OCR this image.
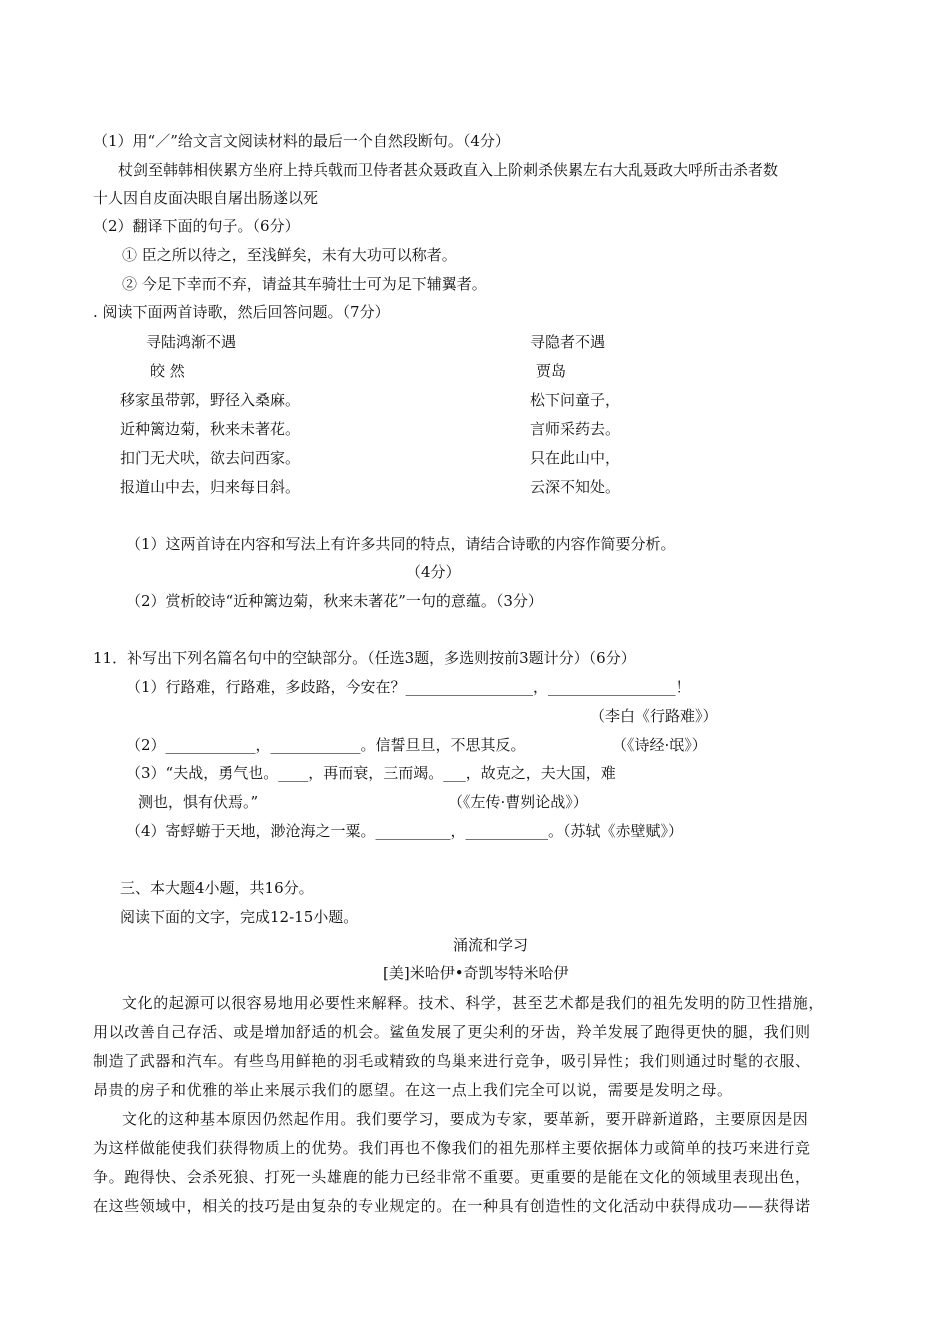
（1）用“／”给文言文阅读材料的最后一个自然段断句。（4分）
杖剑至韩韩相侠累方坐府上持兵戟而卫侍者甚众聂政直入上阶刺杀侠累左右大乱聂政大呼所击杀者数
十人因自皮面决眼自屠出肠遂以死
（2）翻译下面的句子。（6分）
① 臣之所以待之，至浅鲜矣，未有大功可以称者。
② 今足下幸而不弃，请益其车骑壮士可为足下辅翼者。
. 阅读下面两首诗歌，然后回答问题。（7分）
寻陆鸿渐不遇
皎 然
移家虽带郭，野径入桑麻。
近种篱边菊，秋来未著花。
扣门无犬吠，欲去问西家。
报道山中去，归来每日斜。
寻隐者不遇
贾岛
松下问童子，
言师采药去。
只在此山中，
云深不知处。
（1）这两首诗在内容和写法上有许多共同的特点，请结合诗歌的内容作简要分析。
（4分）
（2）赏析皎诗“近种篱边菊，秋来未著花”一句的意蕴。（3分）
11．补写出下列名篇名句中的空缺部分。（任选3题，多选则按前3题计分）（6分）
（1）行路难，行路难，多歧路，今安在？_________________，_________________！
（李白《行路难》）
（2）____________，____________。信誓旦旦，不思其反。	（《诗经·氓》）
（3）“夫战，勇气也。____，再而衰，三而竭。___，故克之，夫大国，难
测也，惧有伏焉。”	（《左传·曹刿论战》）
（4）寄蜉蝣于天地，渺沧海之一粟。__________，___________。（苏轼《赤壁赋》）
三、本大题4小题，共16分。
阅读下面的文字，完成12-15小题。
涌流和学习
[美]米哈伊•奇凯岑特米哈伊
文化的起源可以很容易地用必要性来解释。技术、科学，甚至艺术都是我们的祖先发明的防卫性措施，
用以改善自己存活、或是增加舒适的机会。鲨鱼发展了更尖利的牙齿，羚羊发展了跑得更快的腿，我们则
制造了武器和汽车。有些鸟用鲜艳的羽毛或精致的鸟巢来进行竞争，吸引异性；我们则通过时髦的衣服、
昂贵的房子和优雅的举止来展示我们的愿望。在这一点上我们完全可以说，需要是发明之母。
文化的这种基本原因仍然起作用。我们要学习，要成为专家，要革新，要开辟新道路，主要原因是因
为这样做能使我们获得物质上的优势。我们再也不像我们的祖先那样主要依据体力或简单的技巧来进行竞
争。跑得快、会杀死狼、打死一头雄鹿的能力已经非常不重要。更重要的是能在文化的领域里表现出色，
在这些领域中，相关的技巧是由复杂的专业规定的。在一种具有创造性的文化活动中获得成功——获得诺
